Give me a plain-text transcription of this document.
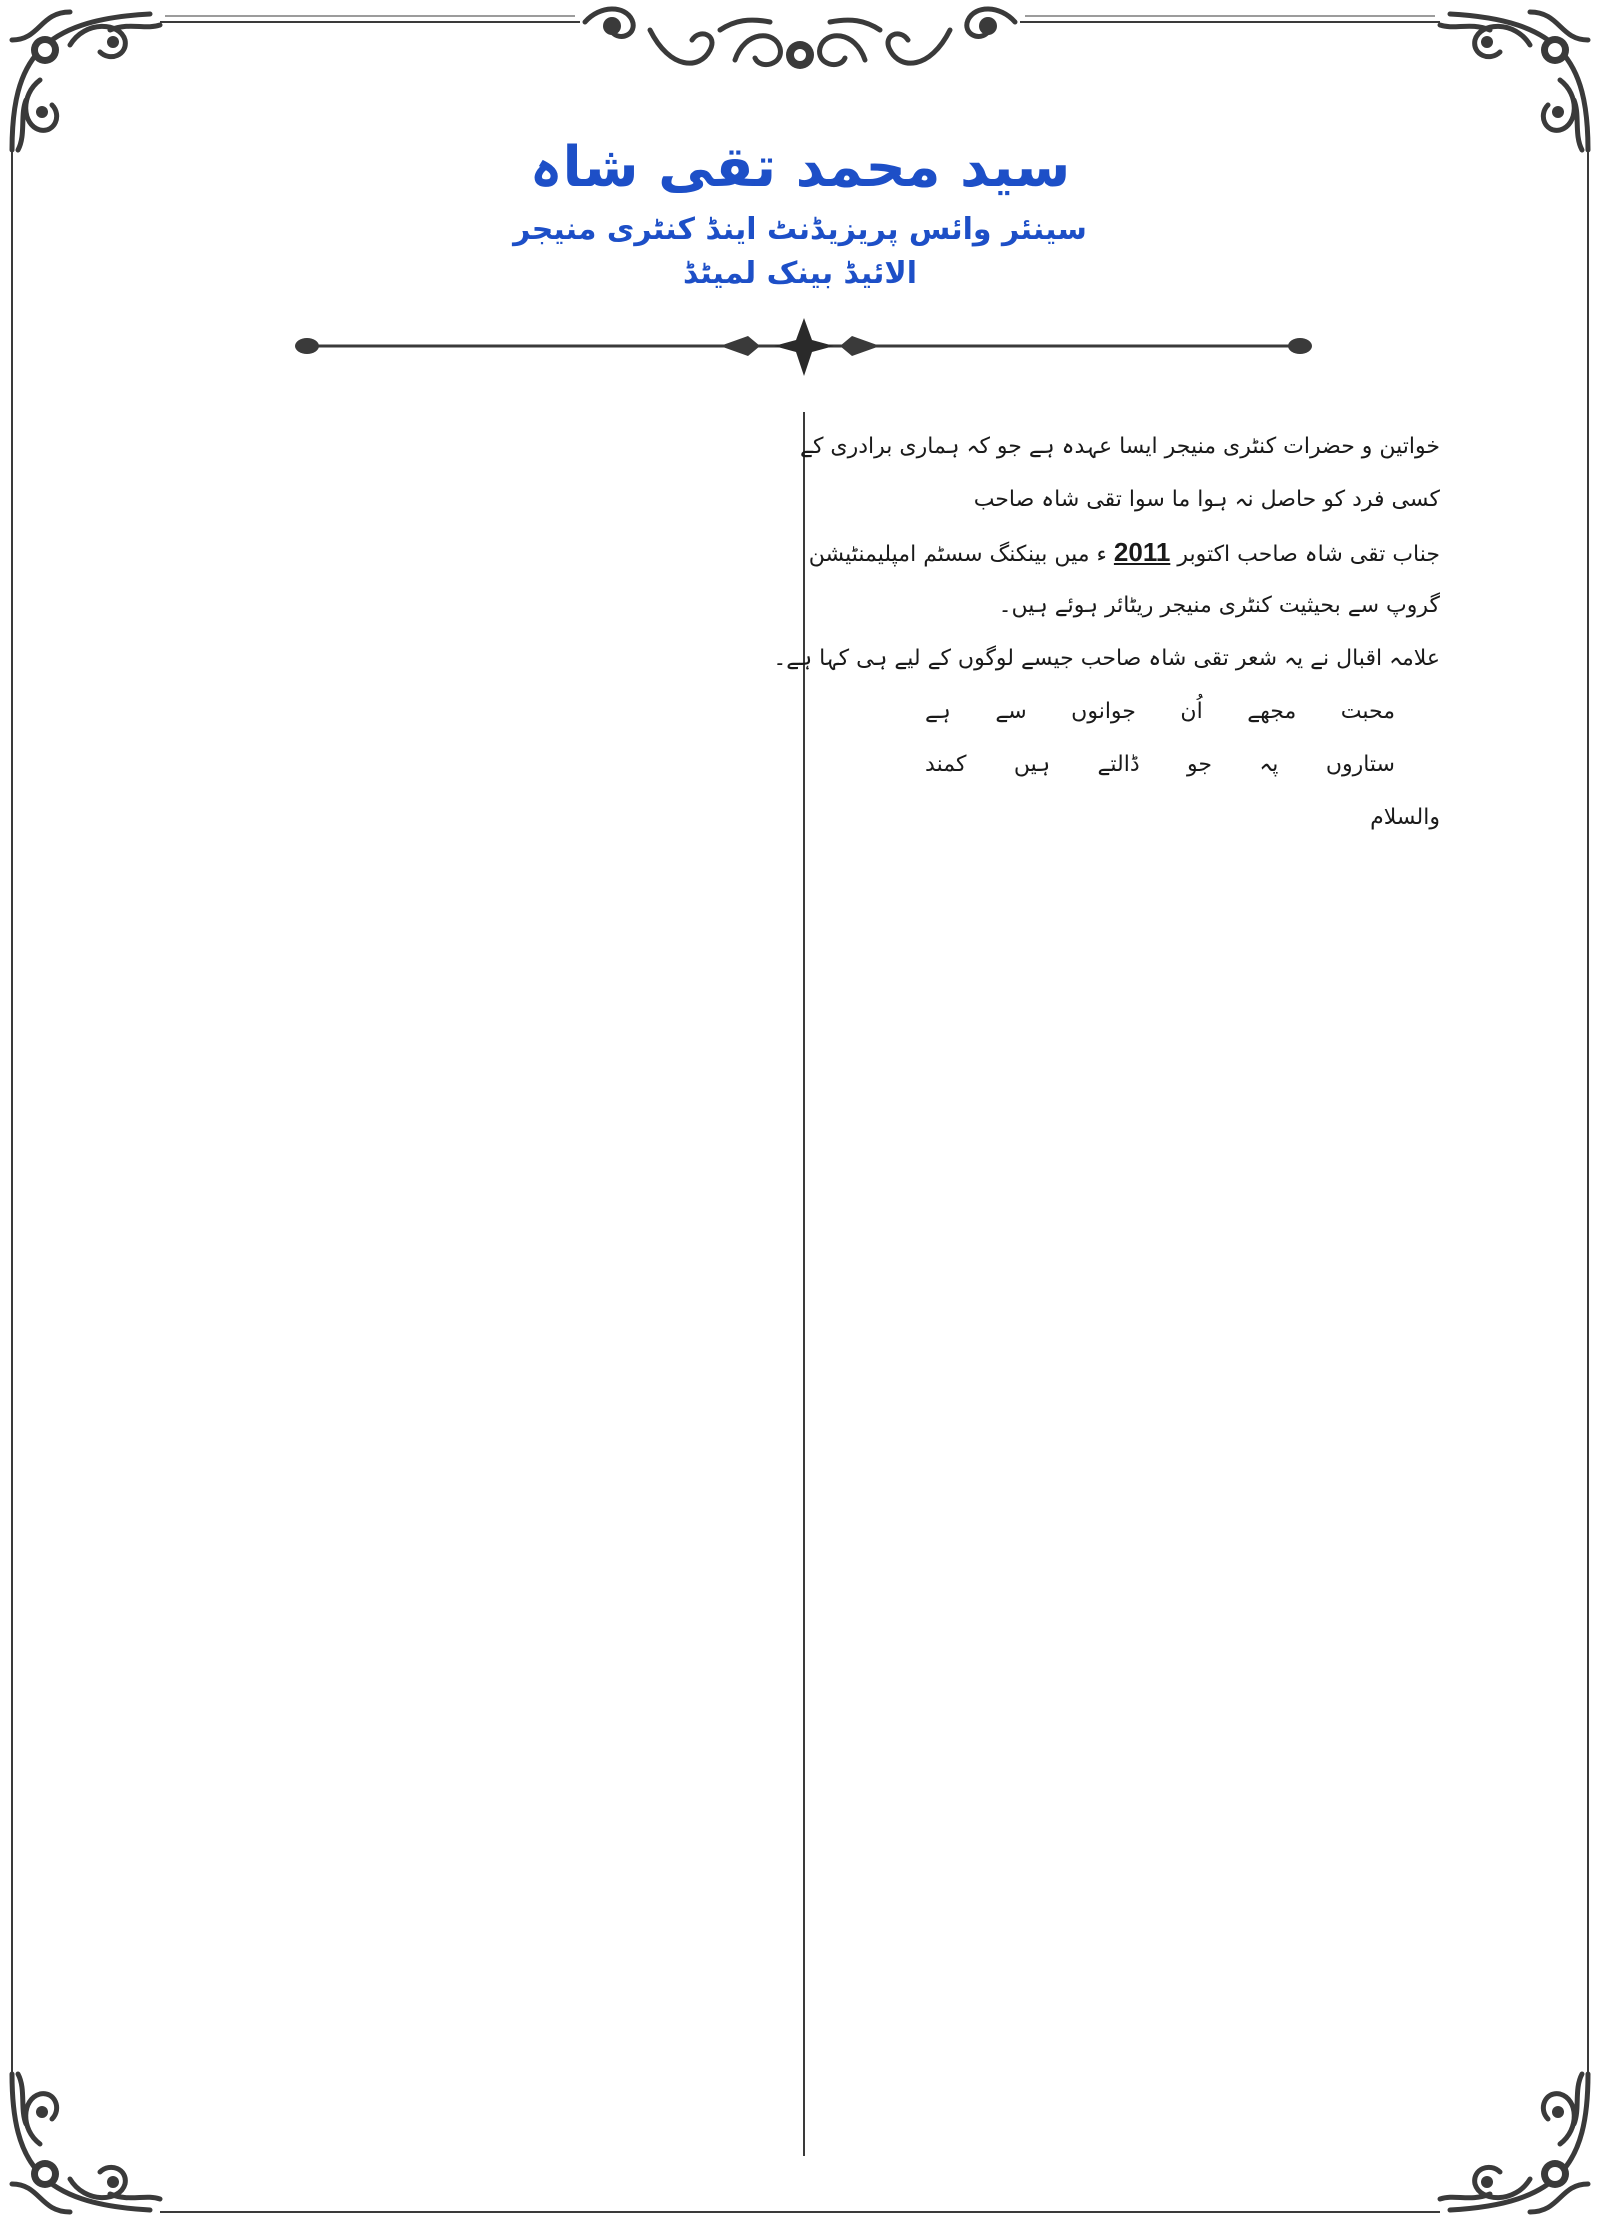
سید محمد تقی شاہ
سینئر وائس پریزیڈنٹ اینڈ کنٹری منیجر
الائیڈ بینک لمیٹڈ
خواتین و حضرات کنٹری منیجر ایسا عہدہ ہے جو کہ ہماری برادری کے
کسی فرد کو حاصل نہ ہوا ما سوا تقی شاہ صاحب
جناب تقی شاہ صاحب اکتوبر 2011 ء میں بینکنگ سسٹم امپلیمنٹیشن
گروپ سے بحیثیت کنٹری منیجر ریٹائر ہوئے ہیں۔
علامہ اقبال نے یہ شعر تقی شاہ صاحب جیسے لوگوں کے لیے ہی کہا ہے۔
محبت
مجھے
اُن
جوانوں
سے
ہے
ستاروں
پہ
جو
ڈالتے
ہیں
کمند
والسلام
